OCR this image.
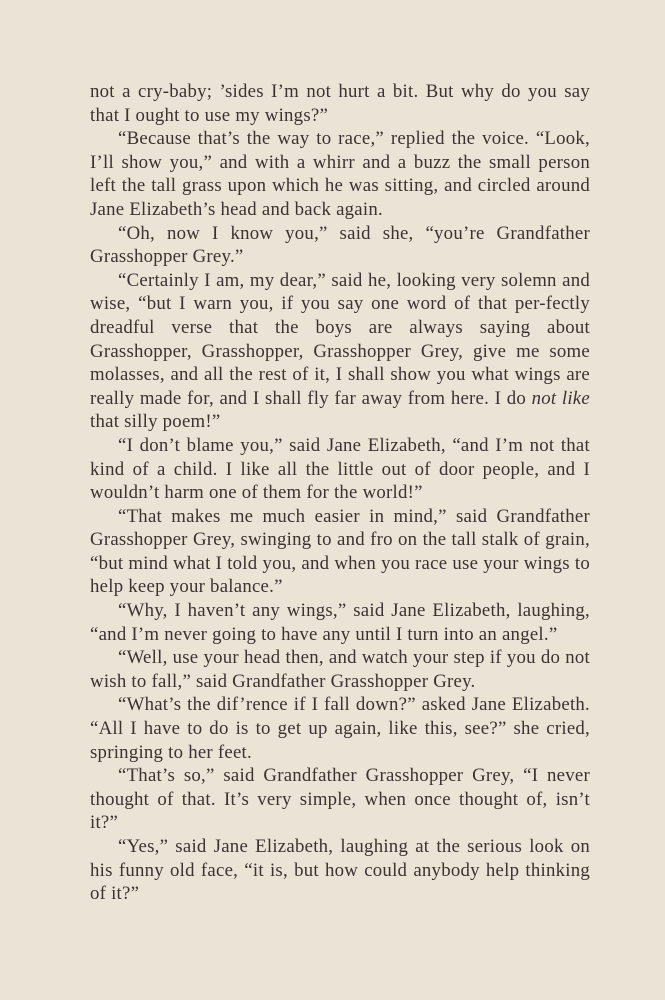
not a cry-baby; ’sides I’m not hurt a bit. But why do you say that I ought to use my wings?”

“Because that’s the way to race,” replied the voice. “Look, I’ll show you,” and with a whirr and a buzz the small person left the tall grass upon which he was sitting, and circled around Jane Elizabeth’s head and back again.

“Oh, now I know you,” said she, “you’re Grandfather Grasshopper Grey.”

“Certainly I am, my dear,” said he, looking very solemn and wise, “but I warn you, if you say one word of that per-fectly dreadful verse that the boys are always saying about Grasshopper, Grasshopper, Grasshopper Grey, give me some molasses, and all the rest of it, I shall show you what wings are really made for, and I shall fly far away from here. I do not like that silly poem!”

“I don’t blame you,” said Jane Elizabeth, “and I’m not that kind of a child. I like all the little out of door people, and I wouldn’t harm one of them for the world!”

“That makes me much easier in mind,” said Grandfather Grasshopper Grey, swinging to and fro on the tall stalk of grain, “but mind what I told you, and when you race use your wings to help keep your balance.”

“Why, I haven’t any wings,” said Jane Elizabeth, laughing, “and I’m never going to have any until I turn into an angel.”

“Well, use your head then, and watch your step if you do not wish to fall,” said Grandfather Grasshopper Grey.

“What’s the dif’rence if I fall down?” asked Jane Elizabeth. “All I have to do is to get up again, like this, see?” she cried, springing to her feet.

“That’s so,” said Grandfather Grasshopper Grey, “I never thought of that. It’s very simple, when once thought of, isn’t it?”

“Yes,” said Jane Elizabeth, laughing at the serious look on his funny old face, “it is, but how could anybody help thinking of it?”
